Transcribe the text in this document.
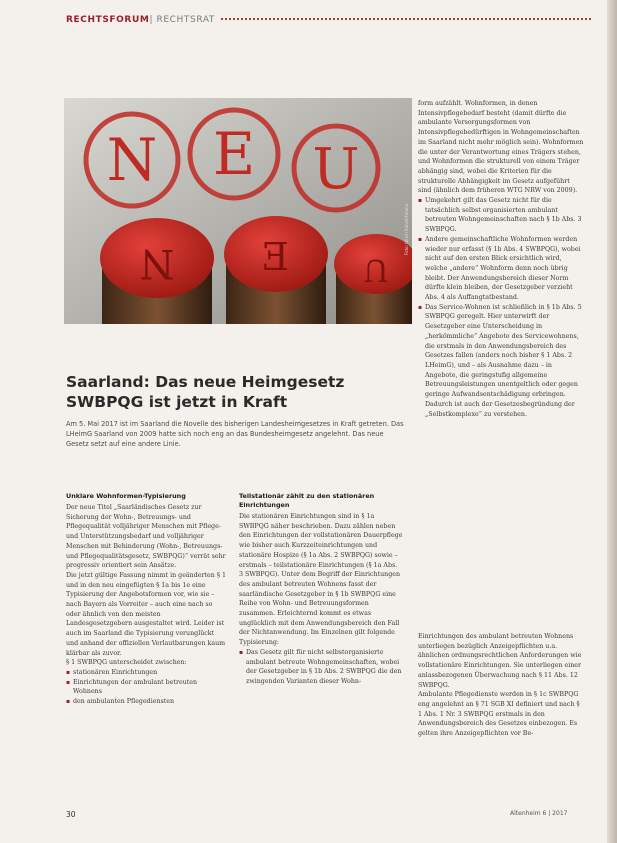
RECHTSFORUM | RECHTSRAT
N E U
N Ǝ U
Foto: Ulrich Künstl/Fotolia
Saarland: Das neue Heimgesetz SWBPQG ist jetzt in Kraft
Am 5. Mai 2017 ist im Saarland die Novelle des bisherigen Landesheimgesetzes in Kraft getreten. Das LHeimG Saarland von 2009 hatte sich noch eng an das Bundesheimgesetz angelehnt. Das neue Gesetz setzt auf eine andere Linie.
Unklare Wohnformen-Typisierung

Der neue Titel „Saarländisches Gesetz zur Sicherung der Wohn-, Betreuungs- und Pflegequalität volljähriger Menschen mit Pflege- und Unterstützungsbedarf und volljähriger Menschen mit Behinderung (Wohn-, Betreuungs- und Pflegequalitätsgesetz, SWBPQG)“ verrät sehr progressiv orientiert sein Ansätze.

Die jetzt gültige Fassung nimmt in geänderten § 1 und in den neu eingefügten § 1a bis 1e eine Typisierung der Angebotsformen vor, wie sie – nach Bayern als Vorreiter – auch eine nach so oder ähnlich von den meisten Landesgesetzgebern ausgestaltet wird. Leider ist auch im Saarland die Typisierung verunglückt und anhand der offiziellen Verlautbarungen kaum klärbar als zuvor.

§ 1 SWBPQG unterscheidet zwischen:

▪ stationären Einrichtungen
▪ Einrichtungen der ambulant betreuten Wohnens
▪ den ambulanten Pflegediensten
Teilstationär zählt zu den stationären Einrichtungen

Die stationären Einrichtungen sind in § 1a SWBPQG näher beschrieben. Dazu zählen neben den Einrichtungen der vollstationären Dauerpflege wie bisher auch Kurzzeiteinrichtungen und stationäre Hospize (§ 1a Abs. 2 SWBPQG) sowie – erstmals – teilstationäre Einrichtungen (§ 1a Abs. 3 SWBPQG). Unter dem Begriff der Einrichtungen des ambulant betreuten Wohnens fasst der saarländische Gesetzgeber in § 1b SWBPQG eine Reihe von Wohn- und Betreuungsformen zusammen. Erleichternd kommt es etwas unglücklich mit dem Anwendungsbereich den Fall der Nichtanwendung. Im Einzelnen gilt folgende Typisierung:

▪ Das Gesetz gilt für nicht selbstorganisierte ambulant betreute Wohngemeinschaften, wobei der Gesetzgeber in § 1b Abs. 2 SWBPQG die den zwingenden Varianten dieser Wohn-

form aufzählt. Wohnformen, in denen Intensivpflegebedarf besteht (damit dürfte die ambulante Versorgungsformen von Intensivpflegebedürftigen in Wohngemeinschaften im Saarland nicht mehr möglich sein). Wohnformen die unter der Verantwortung eines Trägers stehen, und Wohnformen die strukturell von einem Träger abhängig sind, wobei die Kriterien für die strukturelle Abhängigkeit im Gesetz aufgeführt sind (ähnlich dem früheren WTG NRW von 2009).

▪ Umgekehrt gilt das Gesetz nicht für die tatsächlich selbst organisierten ambulant betreuten Wohngemeinschaften nach § 1b Abs. 3 SWBPQG.
▪ Andere gemeinschaftliche Wohnformen werden wieder nur erfasst (§ 1b Abs. 4 SWBPQG), wobei nicht auf den ersten Blick ersichtlich wird, welche „andere“ Wohnform denn noch übrig bleibt. Der Anwendungsbereich dieser Norm dürfte klein bleiben, der Gesetzgeber verzieht Abs. 4 als Auffangtatbestand.
▪ Das Service-Wohnen ist schließlich in § 1b Abs. 5 SWBPQG geregelt. Hier unterwirft der Gesetzgeber eine Unterscheidung in „herkömmliche“ Angebote des Servicewohnens, die erstmals in den Anwendungsbereich des Gesetzes fallen (anders noch bisher § 1 Abs. 2 LHeimG), und – als Ausnahme dazu – in Angebote, die geringstufig allgemeine Betreuungsleistungen unentgeltlich oder gegen geringe Aufwandsentschädigung erbringen. Dadurch ist auch der Gesetzesbegründung der „Selbstkomplexe“ zu verstehen.

Einrichtungen des ambulant betreuten Wohnens unterliegen bezüglich Anzeigepflichten u.a. ähnlichen ordnungsrechtlichen Anforderungen wie vollstationäre Einrichtungen. Sie unterliegen einer anlassbezogenen Überwachung nach § 11 Abs. 12 SWBPQG.

Ambulante Pflegedienste werden in § 1c SWBPQG eng angelehnt an § 71 SGB XI definiert und nach § 1 Abs. 1 Nr. 3 SWBPQG erstmals in den Anwendungsbereich des Gesetzes einbezogen. Es gelten ihre Anzeigepflichten vor Be-

30	Altenheim 6 | 2017
